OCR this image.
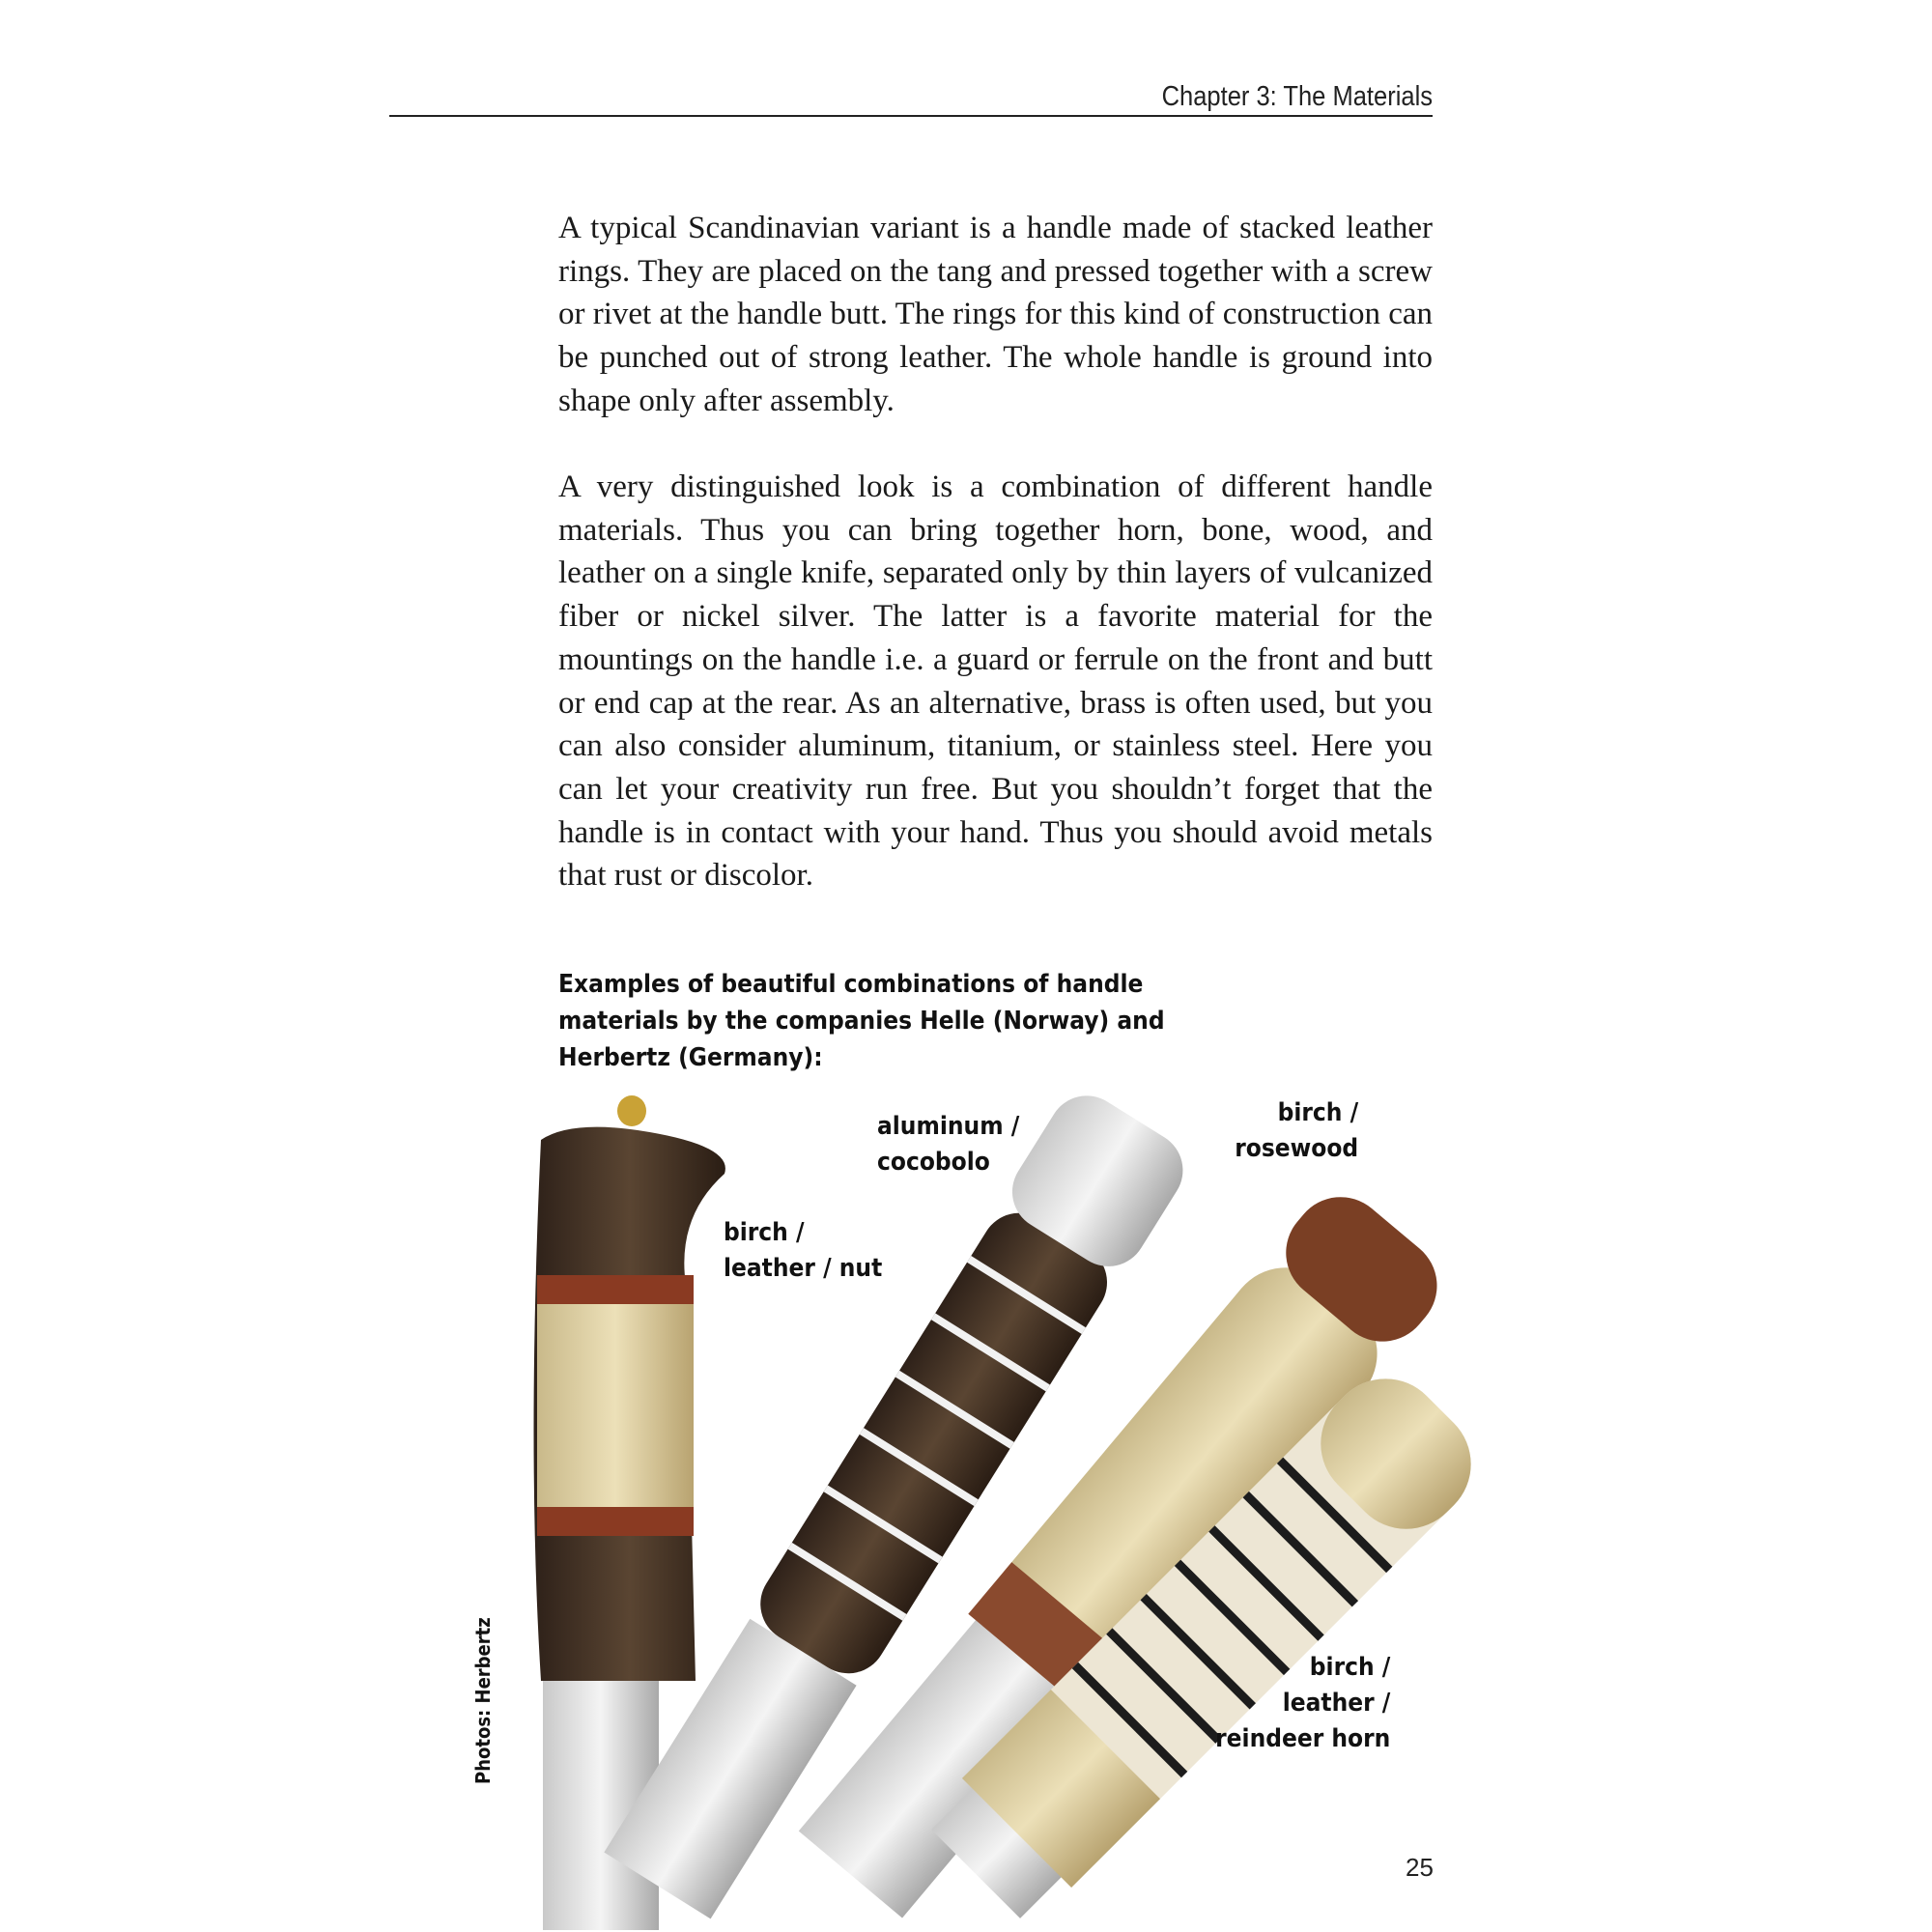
Chapter 3: The Materials

A typical Scandinavian variant is a handle made of stacked leather rings. They are placed on the tang and pressed together with a screw or rivet at the handle butt. The rings for this kind of construction can be punched out of strong leather. The whole handle is ground into shape only after assembly.

A very distinguished look is a combination of different handle materials. Thus you can bring together horn, bone, wood, and leather on a single knife, separated only by thin layers of vulcanized fiber or nickel silver. The latter is a favorite material for the mountings on the handle i.e. a guard or ferrule on the front and butt or end cap at the rear. As an alternative, brass is often used, but you can also consider aluminum, titanium, or stainless steel. Here you can let your creativity run free. But you shouldn’t forget that the handle is in contact with your hand. Thus you should avoid metals that rust or discolor.

Examples of beautiful combinations of handle materials by the companies Helle (Norway) and Herbertz (Germany):
birch /
leather / nut
aluminum /
cocobolo
birch /
rosewood
birch /
leather /
reindeer horn
Photos: Herbertz
25
